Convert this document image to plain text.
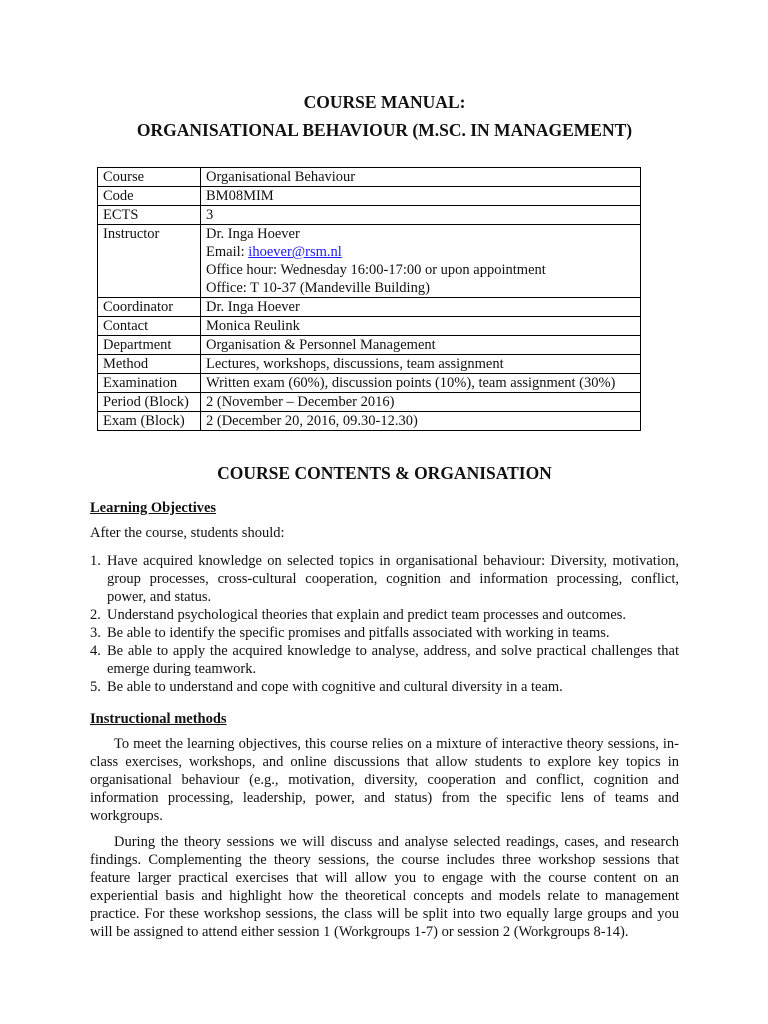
COURSE MANUAL:

ORGANISATIONAL BEHAVIOUR (M.SC. IN MANAGEMENT)

Course	Organisational Behaviour
Code	BM08MIM
ECTS	3
Instructor	Dr. Inga Hoever
Email: ihoever@rsm.nl
Office hour: Wednesday 16:00-17:00 or upon appointment
Office: T 10-37 (Mandeville Building)

Coordinator	Dr. Inga Hoever
Contact	Monica Reulink
Department	Organisation & Personnel Management
Method	Lectures, workshops, discussions, team assignment
Examination	Written exam (60%), discussion points (10%), team assignment (30%)
Period (Block)	2 (November – December 2016)
Exam (Block)	2 (December 20, 2016, 09.30-12.30)
COURSE CONTENTS & ORGANISATION
Learning Objectives

After the course, students should:

1. Have acquired knowledge on selected topics in organisational behaviour: Diversity, motivation, group processes, cross-cultural cooperation, cognition and information processing, conflict, power, and status.
2. Understand psychological theories that explain and predict team processes and outcomes.
3. Be able to identify the specific promises and pitfalls associated with working in teams.
4. Be able to apply the acquired knowledge to analyse, address, and solve practical challenges that emerge during teamwork.
5. Be able to understand and cope with cognitive and cultural diversity in a team.
Instructional methods

To meet the learning objectives, this course relies on a mixture of interactive theory sessions, in-class exercises, workshops, and online discussions that allow students to explore key topics in organisational behaviour (e.g., motivation, diversity, cooperation and conflict, cognition and information processing, leadership, power, and status) from the specific lens of teams and workgroups.

During the theory sessions we will discuss and analyse selected readings, cases, and research findings. Complementing the theory sessions, the course includes three workshop sessions that feature larger practical exercises that will allow you to engage with the course content on an experiential basis and highlight how the theoretical concepts and models relate to management practice. For these workshop sessions, the class will be split into two equally large groups and you will be assigned to attend either session 1 (Workgroups 1-7) or session 2 (Workgroups 8-14).
